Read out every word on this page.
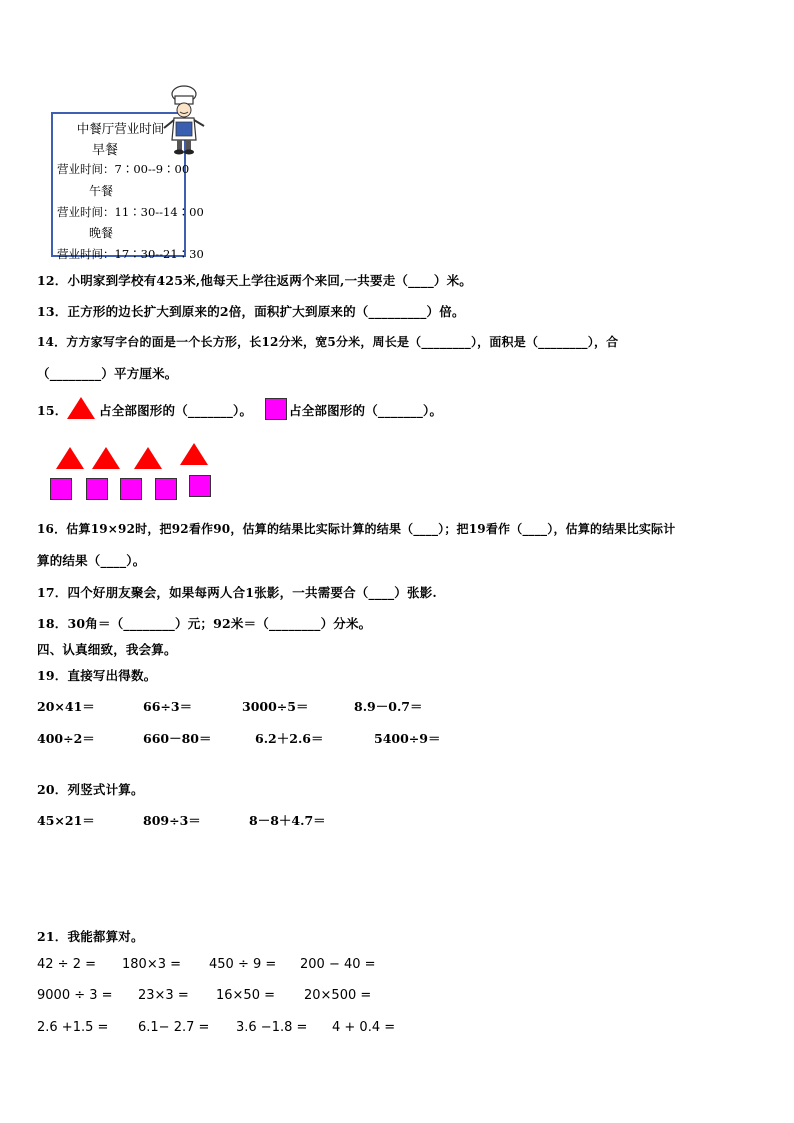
中餐厅营业时间
早餐
营业时间：7∶00--9∶00
午餐
营业时间：11∶30--14∶00
晚餐
营业时间：17∶30--21∶30
12．小明家到学校有425米,他每天上学往返两个来回,一共要走（____）米。
13．正方形的边长扩大到原来的2倍，面积扩大到原来的（_________）倍。
14．方方家写字台的面是一个长方形，长12分米，宽5分米，周长是（________），面积是（________），合
（________）平方厘米。
15．	占全部图形的（_______）。	占全部图形的（_______）。
16．估算19×92时，把92看作90，估算的结果比实际计算的结果（____）；把19看作（____），估算的结果比实际计
算的结果（____）。
17．四个好朋友聚会，如果每两人合1张影，一共需要合（____）张影.
18．30角＝（________）元；92米＝（________）分米。
四、认真细致，我会算。
19．直接写出得数。
20×41＝	66÷3＝	3000÷5＝	8.9－0.7＝
400÷2＝	660－80＝	6.2＋2.6＝	5400÷9＝
20．列竖式计算。
45×21＝	809÷3＝	8－8＋4.7＝
21．我能都算对。
42 ÷ 2 = 180×3 = 450 ÷ 9 = 200 − 40 =
9000 ÷ 3 = 23×3 = 16×50 = 20×500 =
2.6 +1.5 = 6.1− 2.7 = 3.6 −1.8 = 4 + 0.4 =
